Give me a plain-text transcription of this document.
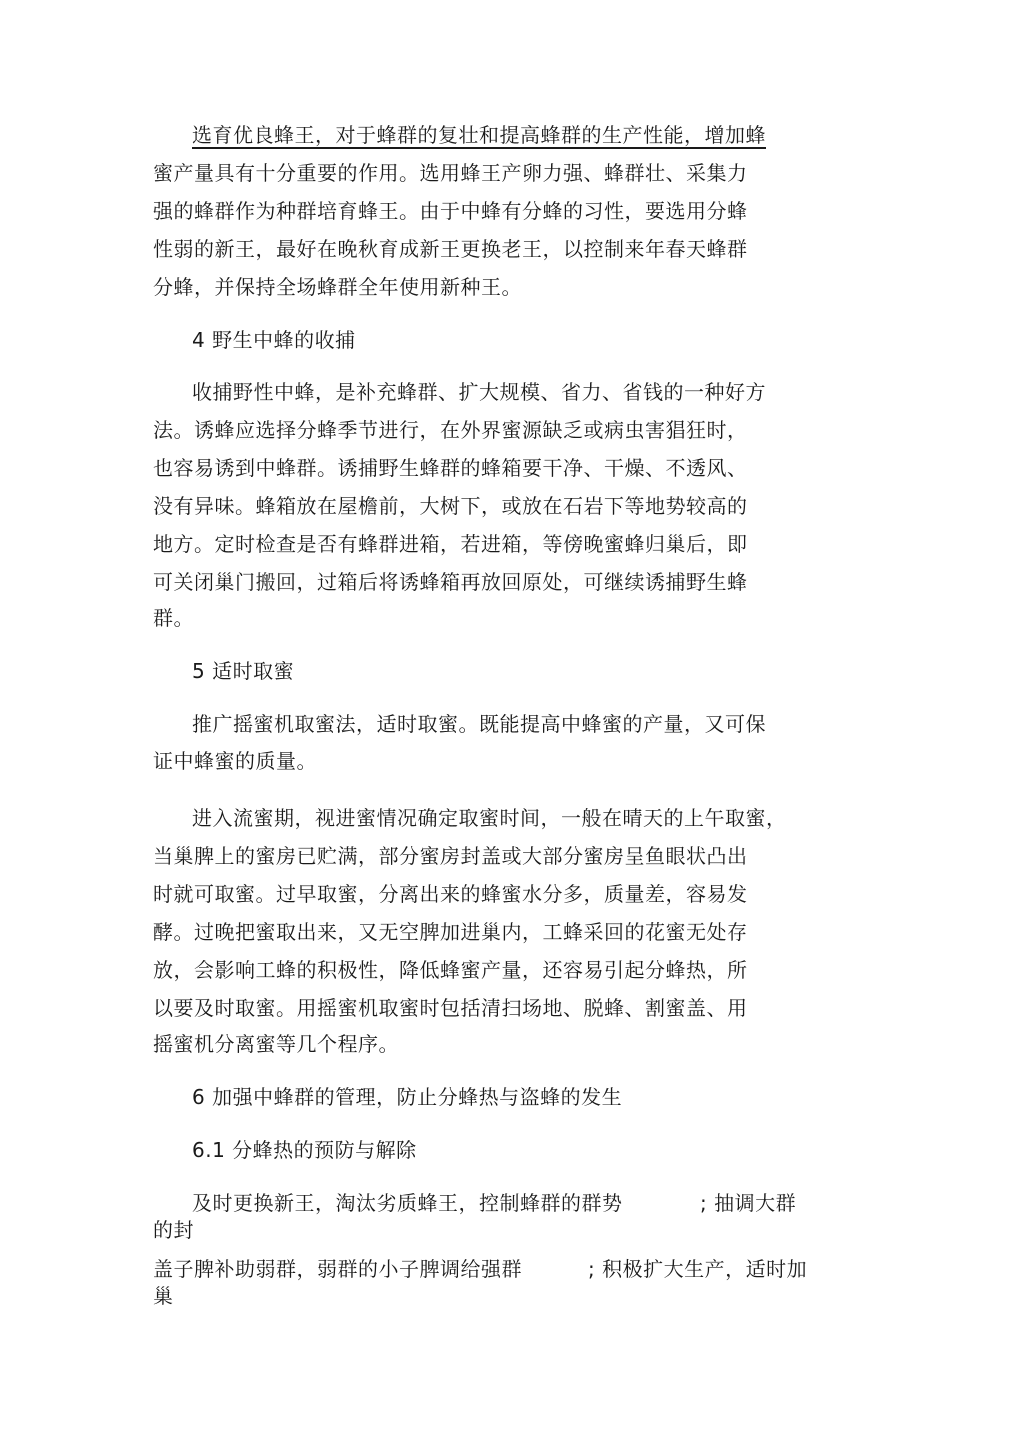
选育优良蜂王，对于蜂群的复壮和提高蜂群的生产性能，增加蜂
蜜产量具有十分重要的作用。选用蜂王产卵力强、蜂群壮、采集力
强的蜂群作为种群培育蜂王。由于中蜂有分蜂的习性，要选用分蜂
性弱的新王，最好在晚秋育成新王更换老王，以控制来年春天蜂群
分蜂，并保持全场蜂群全年使用新种王。
4 野生中蜂的收捕
收捕野性中蜂，是补充蜂群、扩大规模、省力、省钱的一种好方
法。诱蜂应选择分蜂季节进行，在外界蜜源缺乏或病虫害猖狂时，
也容易诱到中蜂群。诱捕野生蜂群的蜂箱要干净、干燥、不透风、
没有异味。蜂箱放在屋檐前，大树下，或放在石岩下等地势较高的
地方。定时检查是否有蜂群进箱，若进箱，等傍晚蜜蜂归巢后，即
可关闭巢门搬回，过箱后将诱蜂箱再放回原处，可继续诱捕野生蜂
群。
5 适时取蜜
推广摇蜜机取蜜法，适时取蜜。既能提高中蜂蜜的产量，又可保
证中蜂蜜的质量。
进入流蜜期，视进蜜情况确定取蜜时间，一般在晴天的上午取蜜，
当巢脾上的蜜房已贮满，部分蜜房封盖或大部分蜜房呈鱼眼状凸出
时就可取蜜。过早取蜜，分离出来的蜂蜜水分多，质量差，容易发
酵。过晚把蜜取出来，又无空脾加进巢内，工蜂采回的花蜜无处存
放，会影响工蜂的积极性，降低蜂蜜产量，还容易引起分蜂热，所
以要及时取蜜。用摇蜜机取蜜时包括清扫场地、脱蜂、割蜜盖、用
摇蜜机分离蜜等几个程序。
6 加强中蜂群的管理，防止分蜂热与盗蜂的发生
6.1 分蜂热的预防与解除
及时更换新王，淘汰劣质蜂王，控制蜂群的群势	; 抽调大群
的封
盖子脾补助弱群，弱群的小子脾调给强群	; 积极扩大生产，适时加
巢
